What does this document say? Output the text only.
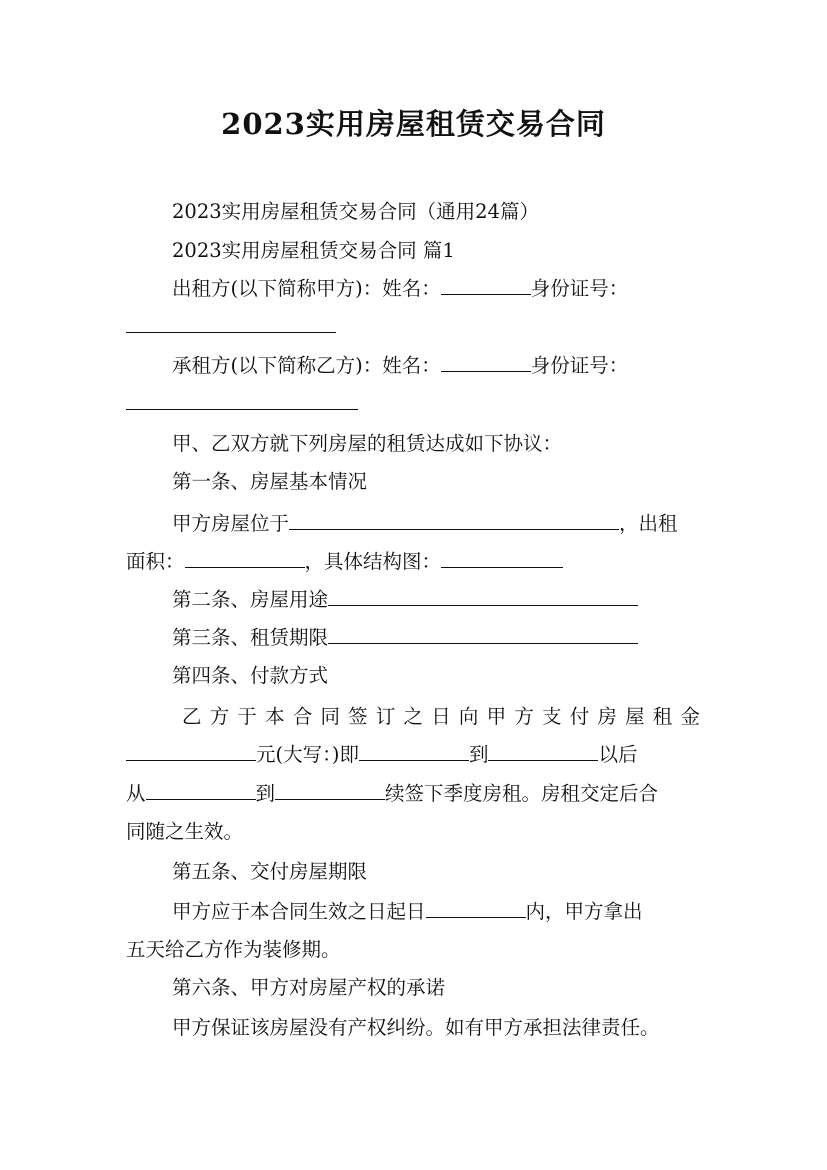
2023实用房屋租赁交易合同
2023实用房屋租赁交易合同（通用24篇）
2023实用房屋租赁交易合同 篇1
出租方(以下简称甲方)：姓名：	身份证号：
承租方(以下简称乙方)：姓名：	身份证号：
甲、乙双方就下列房屋的租赁达成如下协议：
第一条、房屋基本情况
甲方房屋位于	，出租
面积：	，具体结构图：
第二条、房屋用途
第三条、租赁期限
第四条、付款方式
乙方于本合同签订之日向甲方支付房屋租金
元(大写：)即	到	以后
从	到	续签下季度房租。房租交定后合
同随之生效。
第五条、交付房屋期限
甲方应于本合同生效之日起日	内，甲方拿出
五天给乙方作为装修期。
第六条、甲方对房屋产权的承诺
甲方保证该房屋没有产权纠纷。如有甲方承担法律责任。
